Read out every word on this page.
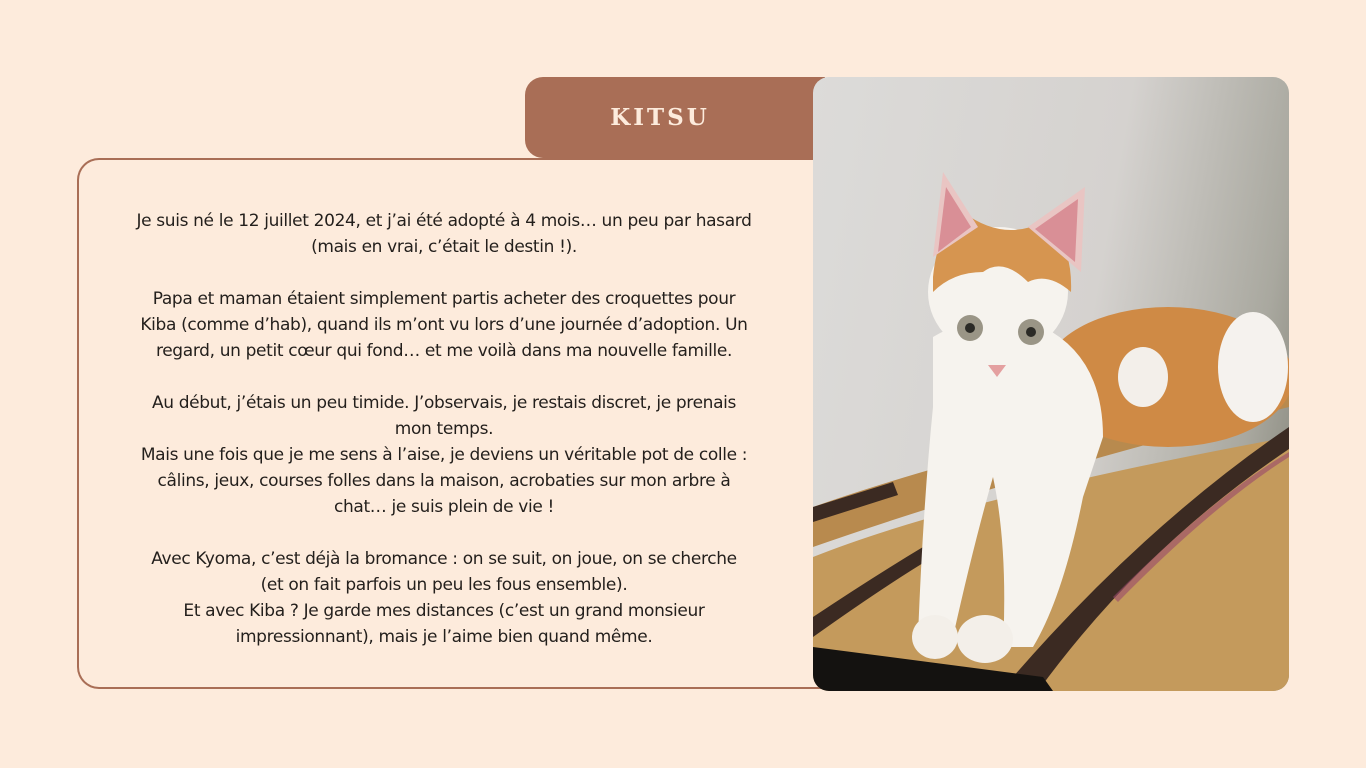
KITSU

Je suis né le 12 juillet 2024, et j’ai été adopté à 4 mois… un peu par hasard
(mais en vrai, c’était le destin !).

Papa et maman étaient simplement partis acheter des croquettes pour
Kiba (comme d’hab), quand ils m’ont vu lors d’une journée d’adoption. Un
regard, un petit cœur qui fond… et me voilà dans ma nouvelle famille.

Au début, j’étais un peu timide. J’observais, je restais discret, je prenais
mon temps.
Mais une fois que je me sens à l’aise, je deviens un véritable pot de colle :
câlins, jeux, courses folles dans la maison, acrobaties sur mon arbre à
chat… je suis plein de vie !

Avec Kyoma, c’est déjà la bromance : on se suit, on joue, on se cherche
(et on fait parfois un peu les fous ensemble).
Et avec Kiba ? Je garde mes distances (c’est un grand monsieur
impressionnant), mais je l’aime bien quand même.
